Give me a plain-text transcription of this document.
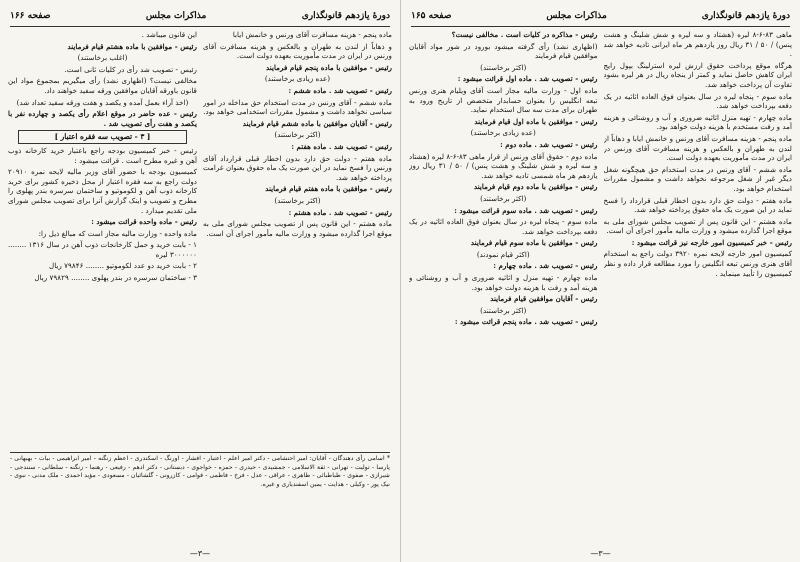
دورهٔ یازدهم قانونگذاری
مذاکرات مجلس
صفحه ۱۶۶

ماده پنجم - هزینه مسافرت آقای ورنس و خانمش ایابا

و ذهاباً از لندن به طهران و بالعکس و هزینه مسافرت آقای ورنس در ایران در مدت مأموریت بعهده دولت است.

رئیس - موافقین با ماده پنجم قیام فرمایند

(عده زیادی برخاستند)

رئیس - تصویب شد . ماده ششم :

ماده ششم - آقای ورنس در مدت استخدام حق مداخله در امور سیاسی نخواهد داشت و مشمول مقررات استخدامی خواهد بود.

رئیس - آقایان موافقین با ماده ششم قیام فرمایند

(اکثر برخاستند)

رئیس - تصویب شد . ماده هفتم :

ماده هفتم - دولت حق دارد بدون اخطار قبلی قرارداد آقای ورنس را فسخ نماید در این صورت یک ماه حقوق بعنوان غرامت پرداخته خواهد شد.

رئیس - موافقین با ماده هفتم قیام فرمایند

(اکثر برخاستند)

رئیس - تصویب شد . ماده هشتم :

ماده هشتم - این قانون پس از تصویب مجلس شورای ملی به موقع اجرا گذارده میشود و وزارت مالیه مأمور اجرای آن است.

این قانون میباشد .

رئیس - موافقین با ماده هشتم قیام فرمایند

(اغلب برخاستند)

رئیس - تصویب شد رأی در کلیات ثانی است.

مخالفی نیست؟ (اظهاری نشد) رأی میگیریم بمجموع مواد این قانون باورقه آقایان موافقین ورقه سفید خواهند داد.

(اخذ آراء بعمل آمده و یکصد و هفت ورقه سفید تعداد شد)

رئیس - عده حاضر در موقع اعلام رأی یکصد و چهارده نفر با یکصد و هفت رأی تصویب شد .

[ ۳ - تصویب سه فقره اعتبار ]

رئیس - خبر کمیسیون بودجه راجع باعتبار خرید کارخانه ذوب آهن و غیره مطرح است . قرائت میشود :

کمیسیون بودجه با حضور آقای وزیر مالیه لایحه نمره ۲۰۹۱۰ دولت راجع به سه فقره اعتبار از محل ذخیره کشور برای خرید کارخانه ذوب آهن و لکوموتیو و ساختمان سرسره بندر پهلوی را مطرح و تصویب و اینک گزارش آنرا برای تصویب مجلس شورای ملی تقدیم میدارد .

رئیس - ماده واحده قرائت میشود :

ماده واحده - وزارت مالیه مجاز است که مبالغ ذیل را:

۱ - بابت خرید و حمل کارخانجات ذوب آهن در سال ۱۳۱۶ ........ ۳۰۰۰۰۰۰ لیره

۲ - بابت خرید دو عدد لکوموتیو ........ ۷۹۸۴۶ ریال

۳ - ساختمان سرسره در بندر پهلوی ........ ۷۹۸۲۹ ریال

* اسامی رأی دهندگان - آقایان: امیر احتشامی - دکتر امیر اعلم - اعتبار - افشار - اورنگ - اسکندری - اعظم زنگنه - امیر ابراهیمی - بیات - بهبهانی - پارسا - تولیت - تهرانی - ثقة الاسلامی - جمشیدی - حیدری - حمزه - خواجوی - دبستانی - دکتر ادهم - رفیعی - رهنما - زنگنه - سلطانی - سنندجی - شیرازی - صفوی - طباطبائی - طاهری - عراقی - عدل - فرخ - فاطمی - قوامی - کازرونی - گلشائیان - مسعودی - مؤید احمدی - ملک مدنی - نبوی - نیک پور - وکیلی - هدایت - یمین اسفندیاری و غیره.
—۳—
دورهٔ یازدهم قانونگذاری
مذاکرات مجلس
صفحه ۱۶۵

ماهی ۸۳-۶-۸ لیره (هشتاد و سه لیره و شش شلینگ و هشت پنس) / ۵۰ / ۳۱ ریال روز یازدهم هر ماه ایرانی تادیه خواهد شد .

هرگاه موقع پرداخت حقوق ارزش لیره استرلینگ بپول رایج ایران کاهش حاصل نماید و کمتر از ینجاه ریال در هر لیره بشود تفاوت آن پرداخت خواهد شد.

ماده سوم - پنجاه لیره در سال بعنوان فوق العاده اثاثیه در یک دفعه بپرداخت خواهد شد.

ماده چهارم - تهیه منزل اثاثیه ضروری و آب و روشنائی و هزینه آمد و رفت مستخدم با هزینه دولت خواهد بود.

ماده پنجم - هزینه مسافرت آقای ورنس و خانمش ایابا و ذهاباً از لندن به طهران و بالعکس و هزینه مسافرت آقای ورنس در ایران در مدت مأموریت بعهده دولت است.

ماده ششم - آقای ورنس در مدت استخدام حق هیچگونه شغل دیگر غیر از شغل مرجوعه نخواهد داشت و مشمول مقررات استخدام خواهد بود.

ماده هفتم - دولت حق دارد بدون اخطار قبلی قرارداد را فسخ نماید در این صورت یک ماه حقوق پرداخته خواهد شد.

ماده هشتم - این قانون پس از تصویب مجلس شورای ملی به موقع اجرا گذارده میشود و وزارت مالیه مأمور اجرای آن است.

رئیس - خبر کمیسیون امور خارجه نیز قرائت میشود :

کمیسیون امور خارجه لایحه نمره ۳۹۲۰ دولت راجع به استخدام آقای هنری ورنس تبعه انگلیس را مورد مطالعه قرار داده و نظر کمیسیون را تأیید مینماید .

رئیس - مذاکره در کلیات است . مخالفی نیست؟

(اظهاری نشد) رأی گرفته میشود بورود در شور مواد آقایان موافقین قیام فرمایند

(اکثر برخاستند)

رئیس - تصویب شد . ماده اول قرائت میشود :

ماده اول - وزارت مالیه مجاز است آقای ویلیام هنری ورنس تبعه انگلیس را بعنوان حسابدار متخصص از تاریخ ورود به طهران برای مدت سه سال استخدام نماید.

رئیس - موافقین با ماده اول قیام فرمایند

(عده زیادی برخاستند)

رئیس - تصویب شد . ماده دوم :

ماده دوم - حقوق آقای ورنس از قرار ماهی ۸۳-۶-۸ لیره (هشتاد و سه لیره و شش شلینگ و هشت پنس) / ۵۰ / ۳۱ ریال روز یازدهم هر ماه شمسی تادیه خواهد شد.

رئیس - موافقین با ماده دوم قیام فرمایند

(اکثر برخاستند)

رئیس - تصویب شد . ماده سوم قرائت میشود :

ماده سوم - پنجاه لیره در سال بعنوان فوق العاده اثاثیه در یک دفعه بپرداخت خواهد شد.

رئیس - موافقین با ماده سوم قیام فرمایند

(اکثر قیام نمودند)

رئیس - تصویب شد . ماده چهارم :

ماده چهارم - تهیه منزل و اثاثیه ضروری و آب و روشنائی و هزینه آمد و رفت با هزینه دولت خواهد بود.

رئیس - آقایان موافقین قیام فرمایند

(اکثر برخاستند)

رئیس - تصویب شد . ماده پنجم قرائت میشود :

—۳—
